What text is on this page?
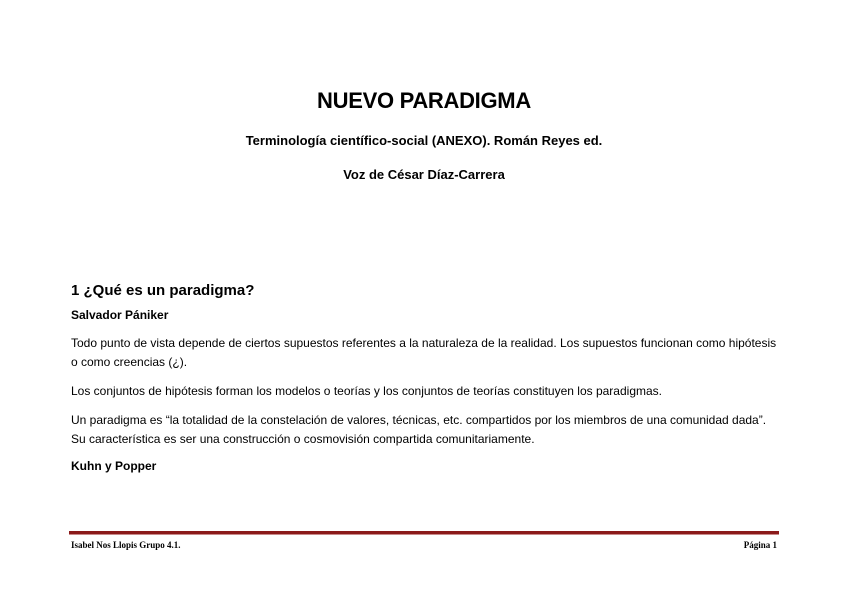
NUEVO PARADIGMA
Terminología científico-social (ANEXO). Román Reyes ed.
Voz de César Díaz-Carrera
1 ¿Qué es un paradigma?
Salvador Pániker

Todo punto de vista depende de ciertos supuestos referentes a la naturaleza de la realidad. Los supuestos funcionan como hipótesis o como creencias (¿).

Los conjuntos de hipótesis forman los modelos o teorías y los conjuntos de teorías constituyen los paradigmas.

Un paradigma es “la totalidad de la constelación de valores, técnicas, etc. compartidos por los miembros de una comunidad dada”. Su característica es ser una construcción o cosmovisión compartida comunitariamente.

Kuhn y Popper
Isabel Nos Llopis Grupo 4.1.	Página 1
